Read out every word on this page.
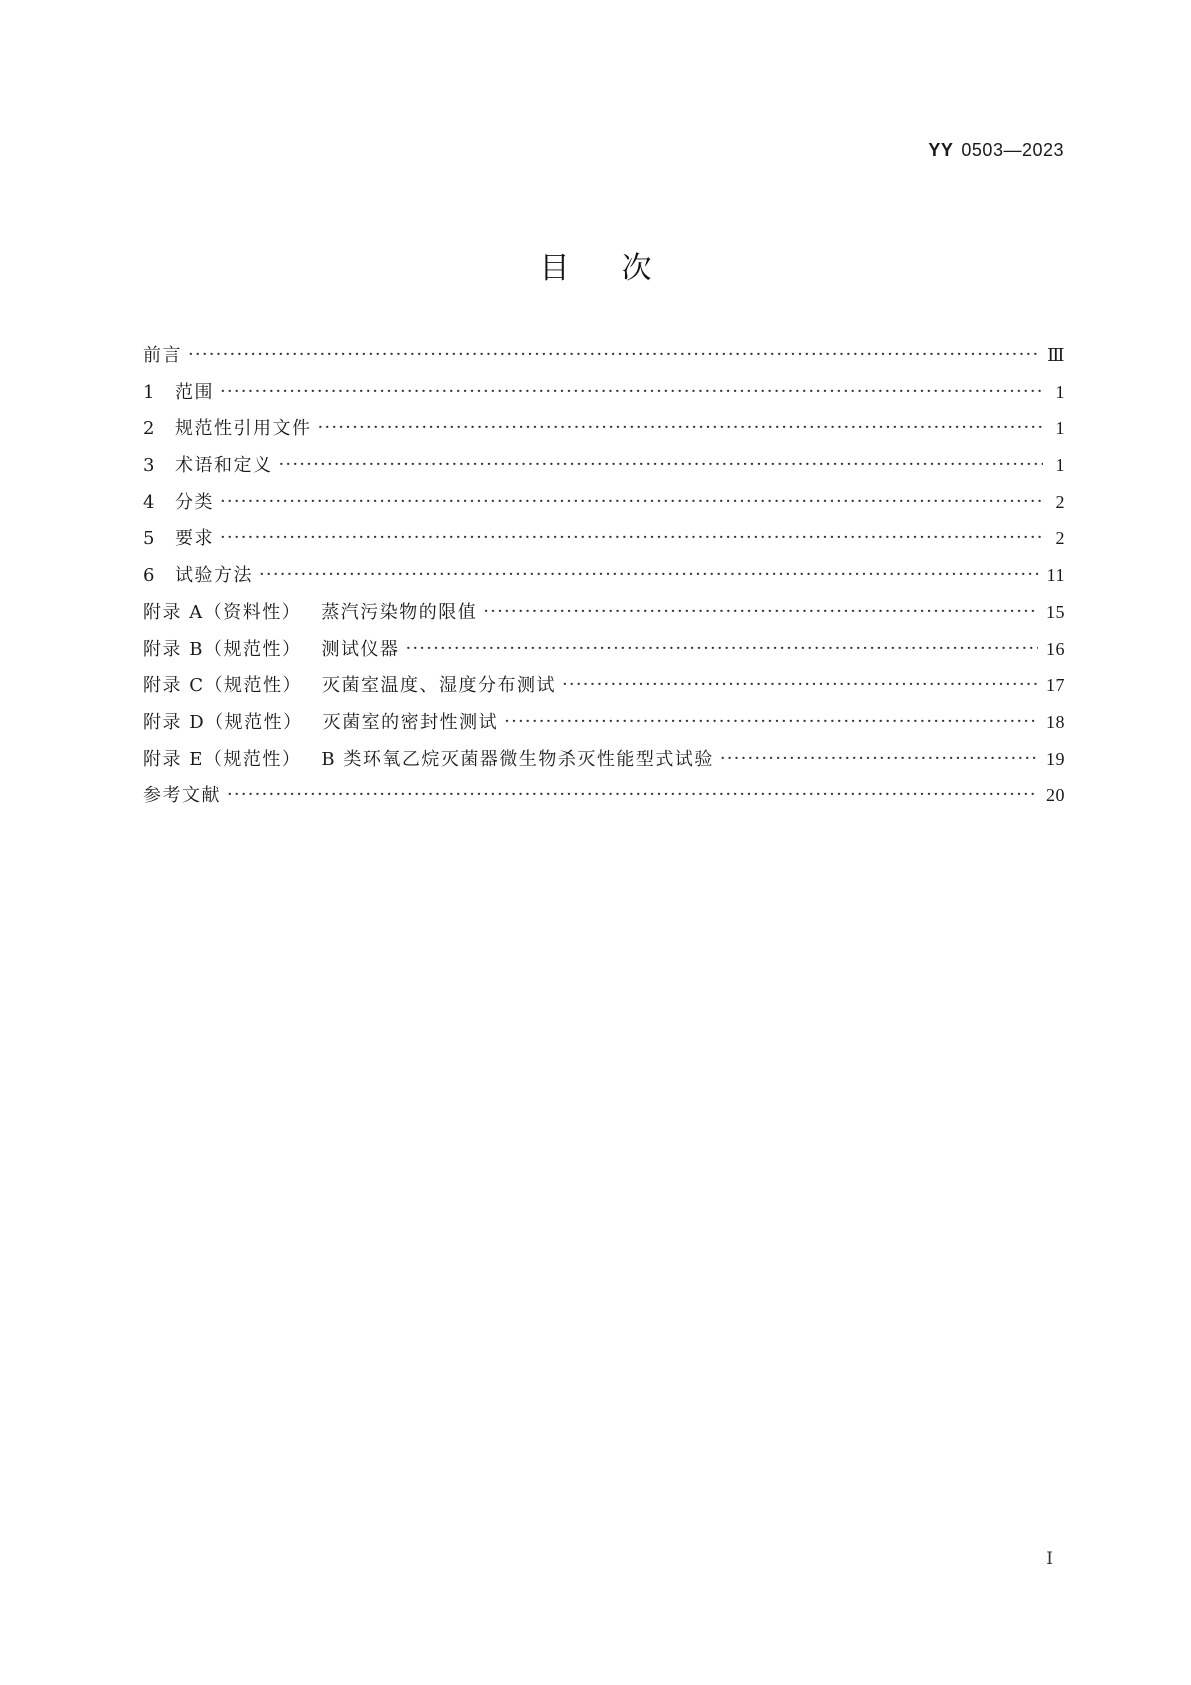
YY 0503—2023
目次
前言 ·····	Ⅲ
1	范围 ·····	1
2	规范性引用文件 ·····	1
3	术语和定义 ·····	1
4	分类 ·····	2
5	要求 ·····	2
6	试验方法 ·····	11
附录 A（资料性） 蒸汽污染物的限值 ·····	15
附录 B（规范性） 测试仪器 ·····	16
附录 C（规范性） 灭菌室温度、湿度分布测试 ·····	17
附录 D（规范性） 灭菌室的密封性测试 ·····	18
附录 E（规范性） B 类环氧乙烷灭菌器微生物杀灭性能型式试验 ·····	19
参考文献 ·····	20
Ⅰ
